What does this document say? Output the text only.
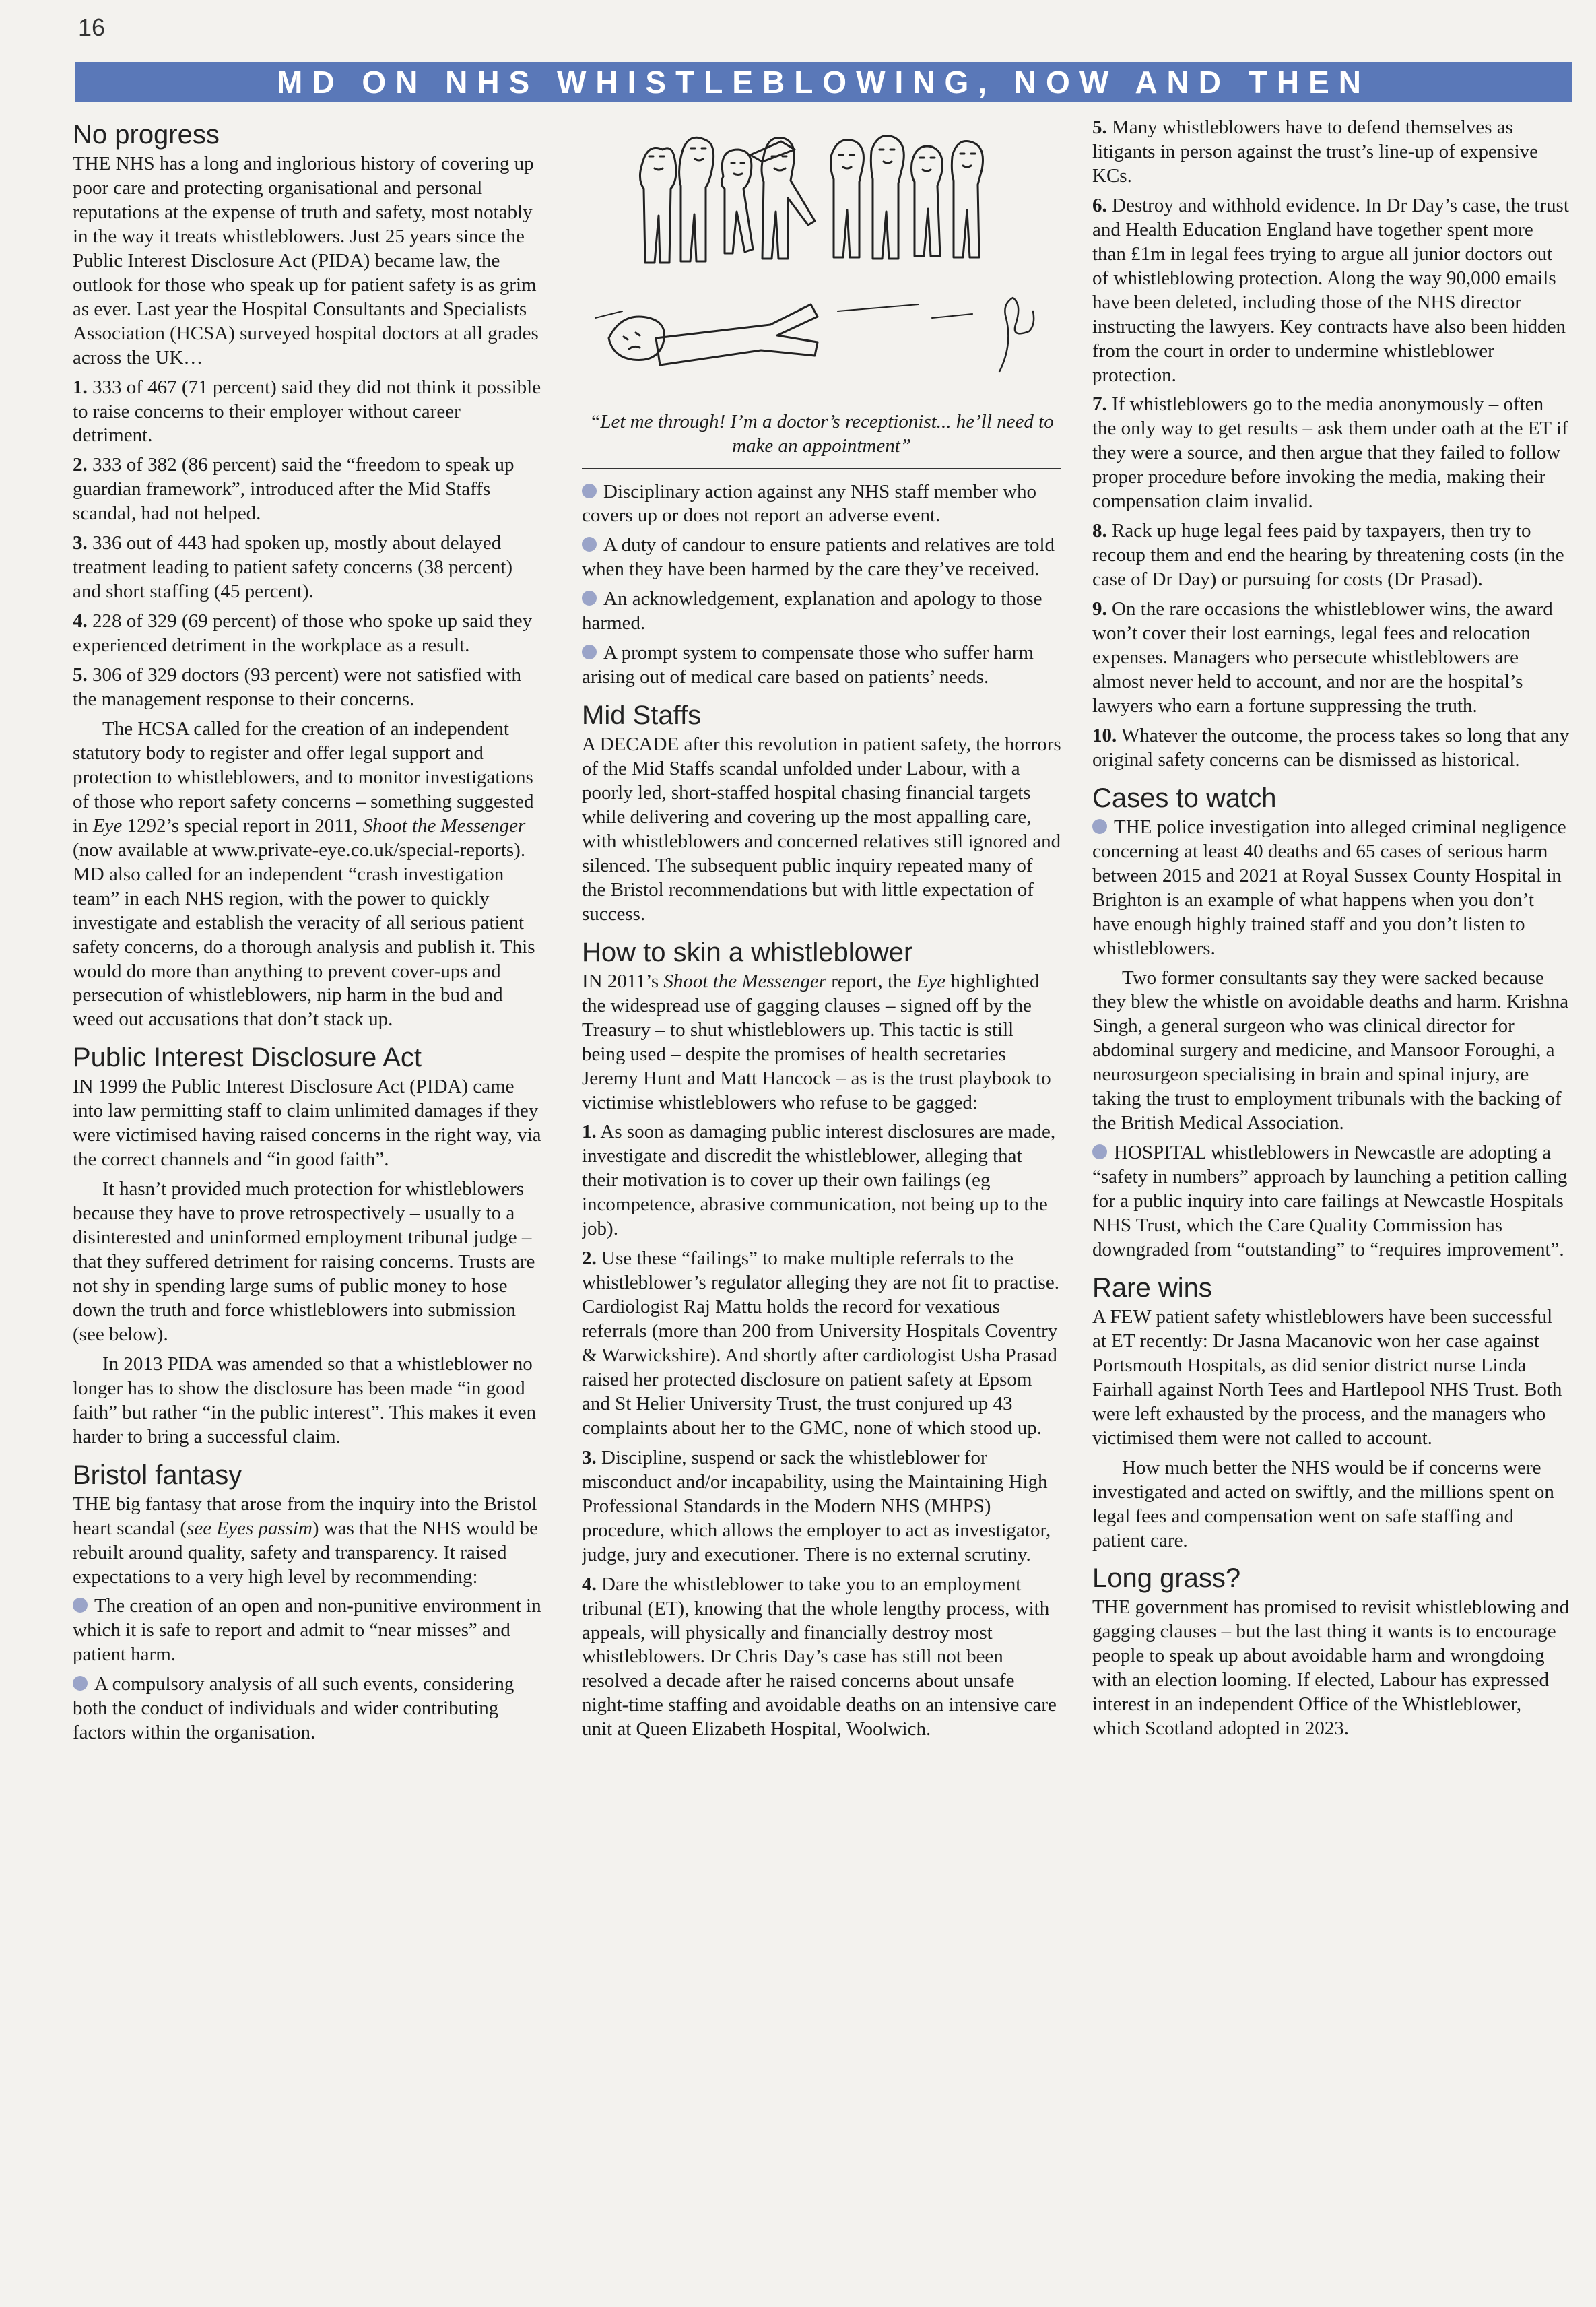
16
MD ON NHS WHISTLEBLOWING, NOW AND THEN
No progress

THE NHS has a long and inglorious history of covering up poor care and protecting organisational and personal reputations at the expense of truth and safety, most notably in the way it treats whistleblowers. Just 25 years since the Public Interest Disclosure Act (PIDA) became law, the outlook for those who speak up for patient safety is as grim as ever. Last year the Hospital Consultants and Specialists Association (HCSA) surveyed hospital doctors at all grades across the UK…

1. 333 of 467 (71 percent) said they did not think it possible to raise concerns to their employer without career detriment.

2. 333 of 382 (86 percent) said the “freedom to speak up guardian framework”, introduced after the Mid Staffs scandal, had not helped.

3. 336 out of 443 had spoken up, mostly about delayed treatment leading to patient safety concerns (38 percent) and short staffing (45 percent).

4. 228 of 329 (69 percent) of those who spoke up said they experienced detriment in the workplace as a result.

5. 306 of 329 doctors (93 percent) were not satisfied with the management response to their concerns.

The HCSA called for the creation of an independent statutory body to register and offer legal support and protection to whistleblowers, and to monitor investigations of those who report safety concerns – something suggested in Eye 1292’s special report in 2011, Shoot the Messenger (now available at www.private-eye.co.uk/special-reports). MD also called for an independent “crash investigation team” in each NHS region, with the power to quickly investigate and establish the veracity of all serious patient safety concerns, do a thorough analysis and publish it. This would do more than anything to prevent cover-ups and persecution of whistleblowers, nip harm in the bud and weed out accusations that don’t stack up.

Public Interest Disclosure Act

IN 1999 the Public Interest Disclosure Act (PIDA) came into law permitting staff to claim unlimited damages if they were victimised having raised concerns in the right way, via the correct channels and “in good faith”.

It hasn’t provided much protection for whistleblowers because they have to prove retrospectively – usually to a disinterested and uninformed employment tribunal judge – that they suffered detriment for raising concerns. Trusts are not shy in spending large sums of public money to hose down the truth and force whistleblowers into submission (see below).

In 2013 PIDA was amended so that a whistleblower no longer has to show the disclosure has been made “in good faith” but rather “in the public interest”. This makes it even harder to bring a successful claim.

Bristol fantasy

THE big fantasy that arose from the inquiry into the Bristol heart scandal (see Eyes passim) was that the NHS would be rebuilt around quality, safety and transparency. It raised expectations to a very high level by recommending:

The creation of an open and non-punitive environment in which it is safe to report and admit to “near misses” and patient harm.

A compulsory analysis of all such events, considering both the conduct of individuals and wider contributing factors within the organisation.

“Let me through! I’m a doctor’s receptionist... he’ll need to make an appointment”

Disciplinary action against any NHS staff member who covers up or does not report an adverse event.

A duty of candour to ensure patients and relatives are told when they have been harmed by the care they’ve received.

An acknowledgement, explanation and apology to those harmed.

A prompt system to compensate those who suffer harm arising out of medical care based on patients’ needs.

Mid Staffs

A DECADE after this revolution in patient safety, the horrors of the Mid Staffs scandal unfolded under Labour, with a poorly led, short-staffed hospital chasing financial targets while delivering and covering up the most appalling care, with whistleblowers and concerned relatives still ignored and silenced. The subsequent public inquiry repeated many of the Bristol recommendations but with little expectation of success.

How to skin a whistleblower

IN 2011’s Shoot the Messenger report, the Eye highlighted the widespread use of gagging clauses – signed off by the Treasury – to shut whistleblowers up. This tactic is still being used – despite the promises of health secretaries Jeremy Hunt and Matt Hancock – as is the trust playbook to victimise whistleblowers who refuse to be gagged:

1. As soon as damaging public interest disclosures are made, investigate and discredit the whistleblower, alleging that their motivation is to cover up their own failings (eg incompetence, abrasive communication, not being up to the job).

2. Use these “failings” to make multiple referrals to the whistleblower’s regulator alleging they are not fit to practise. Cardiologist Raj Mattu holds the record for vexatious referrals (more than 200 from University Hospitals Coventry & Warwickshire). And shortly after cardiologist Usha Prasad raised her protected disclosure on patient safety at Epsom and St Helier University Trust, the trust conjured up 43 complaints about her to the GMC, none of which stood up.

3. Discipline, suspend or sack the whistleblower for misconduct and/or incapability, using the Maintaining High Professional Standards in the Modern NHS (MHPS) procedure, which allows the employer to act as investigator, judge, jury and executioner. There is no external scrutiny.

4. Dare the whistleblower to take you to an employment tribunal (ET), knowing that the whole lengthy process, with appeals, will physically and financially destroy most whistleblowers. Dr Chris Day’s case has still not been resolved a decade after he raised concerns about unsafe night-time staffing and avoidable deaths on an intensive care unit at Queen Elizabeth Hospital, Woolwich.

5. Many whistleblowers have to defend themselves as litigants in person against the trust’s line-up of expensive KCs.

6. Destroy and withhold evidence. In Dr Day’s case, the trust and Health Education England have together spent more than £1m in legal fees trying to argue all junior doctors out of whistleblowing protection. Along the way 90,000 emails have been deleted, including those of the NHS director instructing the lawyers. Key contracts have also been hidden from the court in order to undermine whistleblower protection.

7. If whistleblowers go to the media anonymously – often the only way to get results – ask them under oath at the ET if they were a source, and then argue that they failed to follow proper procedure before invoking the media, making their compensation claim invalid.

8. Rack up huge legal fees paid by taxpayers, then try to recoup them and end the hearing by threatening costs (in the case of Dr Day) or pursuing for costs (Dr Prasad).

9. On the rare occasions the whistleblower wins, the award won’t cover their lost earnings, legal fees and relocation expenses. Managers who persecute whistleblowers are almost never held to account, and nor are the hospital’s lawyers who earn a fortune suppressing the truth.

10. Whatever the outcome, the process takes so long that any original safety concerns can be dismissed as historical.

Cases to watch

THE police investigation into alleged criminal negligence concerning at least 40 deaths and 65 cases of serious harm between 2015 and 2021 at Royal Sussex County Hospital in Brighton is an example of what happens when you don’t have enough highly trained staff and you don’t listen to whistleblowers.

Two former consultants say they were sacked because they blew the whistle on avoidable deaths and harm. Krishna Singh, a general surgeon who was clinical director for abdominal surgery and medicine, and Mansoor Foroughi, a neurosurgeon specialising in brain and spinal injury, are taking the trust to employment tribunals with the backing of the British Medical Association.

HOSPITAL whistleblowers in Newcastle are adopting a “safety in numbers” approach by launching a petition calling for a public inquiry into care failings at Newcastle Hospitals NHS Trust, which the Care Quality Commission has downgraded from “outstanding” to “requires improvement”.

Rare wins

A FEW patient safety whistleblowers have been successful at ET recently: Dr Jasna Macanovic won her case against Portsmouth Hospitals, as did senior district nurse Linda Fairhall against North Tees and Hartlepool NHS Trust. Both were left exhausted by the process, and the managers who victimised them were not called to account.

How much better the NHS would be if concerns were investigated and acted on swiftly, and the millions spent on legal fees and compensation went on safe staffing and patient care.

Long grass?

THE government has promised to revisit whistleblowing and gagging clauses – but the last thing it wants is to encourage people to speak up about avoidable harm and wrongdoing with an election looming. If elected, Labour has expressed interest in an independent Office of the Whistleblower, which Scotland adopted in 2023.
